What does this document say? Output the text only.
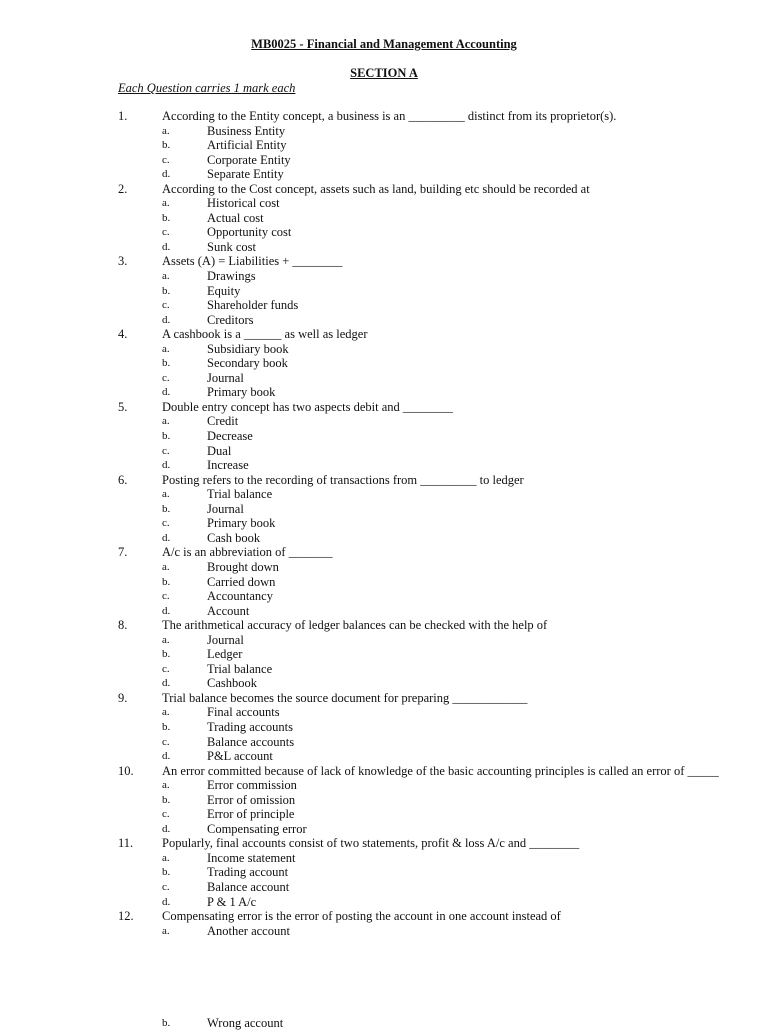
MB0025 - Financial and Management Accounting
SECTION A
Each Question carries 1 mark each
1.	According to the Entity concept, a business is an _________ distinct from its proprietor(s).
a.	Business Entity
b.	Artificial Entity
c.	Corporate Entity
d.	Separate Entity
2.	According to the Cost concept, assets such as land, building etc should be recorded at
a.	Historical cost
b.	Actual cost
c.	Opportunity cost
d.	Sunk cost
3.	Assets (A) = Liabilities + ________
a.	Drawings
b.	Equity
c.	Shareholder funds
d.	Creditors
4.	A cashbook is a ______ as well as ledger
a.	Subsidiary book
b.	Secondary book
c.	Journal
d.	Primary book
5.	Double entry concept has two aspects debit and ________
a.	Credit
b.	Decrease
c.	Dual
d.	Increase
6.	Posting refers to the recording of transactions from _________ to ledger
a.	Trial balance
b.	Journal
c.	Primary book
d.	Cash book
7.	A/c is an abbreviation of _______
a.	Brought down
b.	Carried down
c.	Accountancy
d.	Account
8.	The arithmetical accuracy of ledger balances can be checked with the help of
a.	Journal
b.	Ledger
c.	Trial balance
d.	Cashbook
9.	Trial balance becomes the source document for preparing ____________
a.	Final accounts
b.	Trading accounts
c.	Balance accounts
d.	P&L account
10. An error committed because of lack of knowledge of the basic accounting principles is called an error of _____
a.	Error commission
b.	Error of omission
c.	Error of principle
d.	Compensating error
11. Popularly, final accounts consist of two statements, profit & loss A/c and ________
a.	Income statement
b.	Trading account
c.	Balance account
d.	P & 1 A/c
12. Compensating error is the error of posting the account in one account instead of
a.	Another account
b.	Wrong account
